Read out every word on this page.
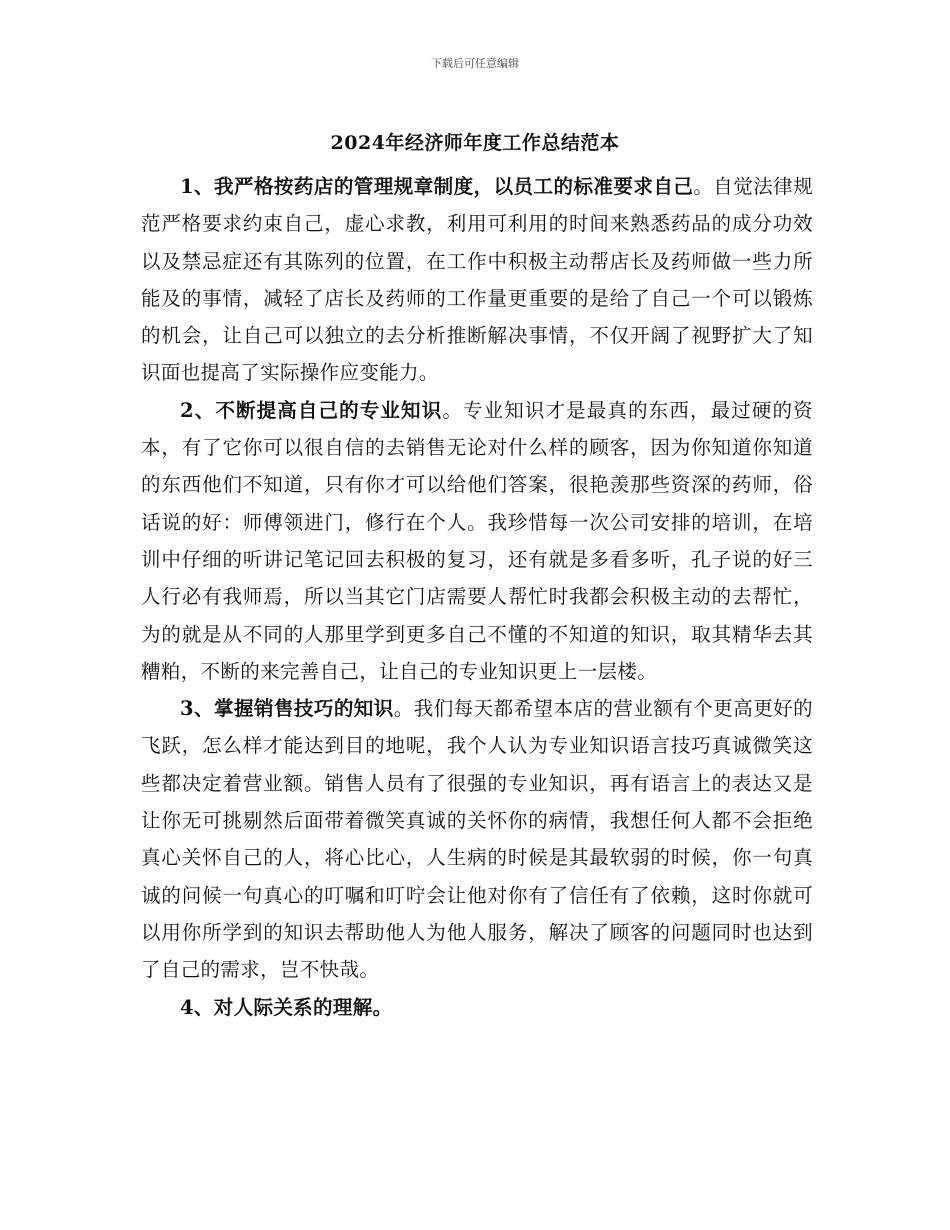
下载后可任意编辑
2024年经济师年度工作总结范本

1、我严格按药店的管理规章制度，以员工的标准要求自己。自觉法律规范严格要求约束自己，虚心求教，利用可利用的时间来熟悉药品的成分功效以及禁忌症还有其陈列的位置，在工作中积极主动帮店长及药师做一些力所能及的事情，减轻了店长及药师的工作量更重要的是给了自己一个可以锻炼的机会，让自己可以独立的去分析推断解决事情，不仅开阔了视野扩大了知识面也提高了实际操作应变能力。

2、不断提高自己的专业知识。专业知识才是最真的东西，最过硬的资本，有了它你可以很自信的去销售无论对什么样的顾客，因为你知道你知道的东西他们不知道，只有你才可以给他们答案，很艳羡那些资深的药师，俗话说的好：师傅领进门，修行在个人。我珍惜每一次公司安排的培训，在培训中仔细的听讲记笔记回去积极的复习，还有就是多看多听，孔子说的好三人行必有我师焉，所以当其它门店需要人帮忙时我都会积极主动的去帮忙，为的就是从不同的人那里学到更多自己不懂的不知道的知识，取其精华去其糟粕，不断的来完善自己，让自己的专业知识更上一层楼。

3、掌握销售技巧的知识。我们每天都希望本店的营业额有个更高更好的飞跃，怎么样才能达到目的地呢，我个人认为专业知识语言技巧真诚微笑这些都决定着营业额。销售人员有了很强的专业知识，再有语言上的表达又是让你无可挑剔然后面带着微笑真诚的关怀你的病情，我想任何人都不会拒绝真心关怀自己的人，将心比心，人生病的时候是其最软弱的时候，你一句真诚的问候一句真心的叮嘱和叮咛会让他对你有了信任有了依赖，这时你就可以用你所学到的知识去帮助他人为他人服务，解决了顾客的问题同时也达到了自己的需求，岂不快哉。

4、对人际关系的理解。
